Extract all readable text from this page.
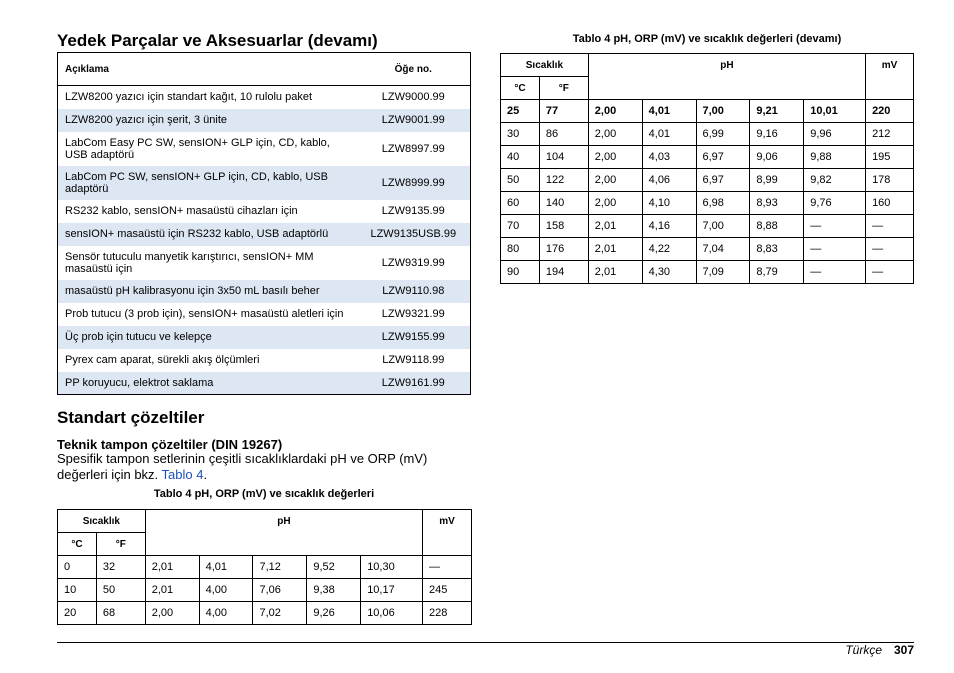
Yedek Parçalar ve Aksesuarlar (devamı)
Açıklama	Öğe no.
LZW8200 yazıcı için standart kağıt, 10 rulolu paket	LZW9000.99
LZW8200 yazıcı için şerit, 3 ünite	LZW9001.99
LabCom Easy PC SW, sensION+ GLP için, CD, kablo, USB adaptörü	LZW8997.99
LabCom PC SW, sensION+ GLP için, CD, kablo, USB adaptörü	LZW8999.99
RS232 kablo, sensION+ masaüstü cihazları için	LZW9135.99
sensION+ masaüstü için RS232 kablo, USB adaptörlü	LZW9135USB.99
Sensör tutuculu manyetik karıştırıcı, sensION+ MM masaüstü için	LZW9319.99
masaüstü pH kalibrasyonu için 3x50 mL basılı beher	LZW9110.98
Prob tutucu (3 prob için), sensION+ masaüstü aletleri için	LZW9321.99
Üç prob için tutucu ve kelepçe	LZW9155.99
Pyrex cam aparat, sürekli akış ölçümleri	LZW9118.99
PP koruyucu, elektrot saklama	LZW9161.99
Standart çözeltiler
Teknik tampon çözeltiler (DIN 19267)
Spesifik tampon setlerinin çeşitli sıcaklıklardaki pH ve ORP (mV) değerleri için bkz. Tablo 4.
Tablo 4 pH, ORP (mV) ve sıcaklık değerleri
Sıcaklık		pH					mV
°C	°F						
0	32	2,01	4,01	7,12	9,52	10,30	—
10	50	2,01	4,00	7,06	9,38	10,17	245
20	68	2,00	4,00	7,02	9,26	10,06	228
Tablo 4 pH, ORP (mV) ve sıcaklık değerleri (devamı)
Sıcaklık		pH					mV
°C	°F						
25	77	2,00	4,01	7,00	9,21	10,01	220
30	86	2,00	4,01	6,99	9,16	9,96	212
40	104	2,00	4,03	6,97	9,06	9,88	195
50	122	2,00	4,06	6,97	8,99	9,82	178
60	140	2,00	4,10	6,98	8,93	9,76	160
70	158	2,01	4,16	7,00	8,88	—	—
80	176	2,01	4,22	7,04	8,83	—	—
90	194	2,01	4,30	7,09	8,79	—	—
Türkçe 307
